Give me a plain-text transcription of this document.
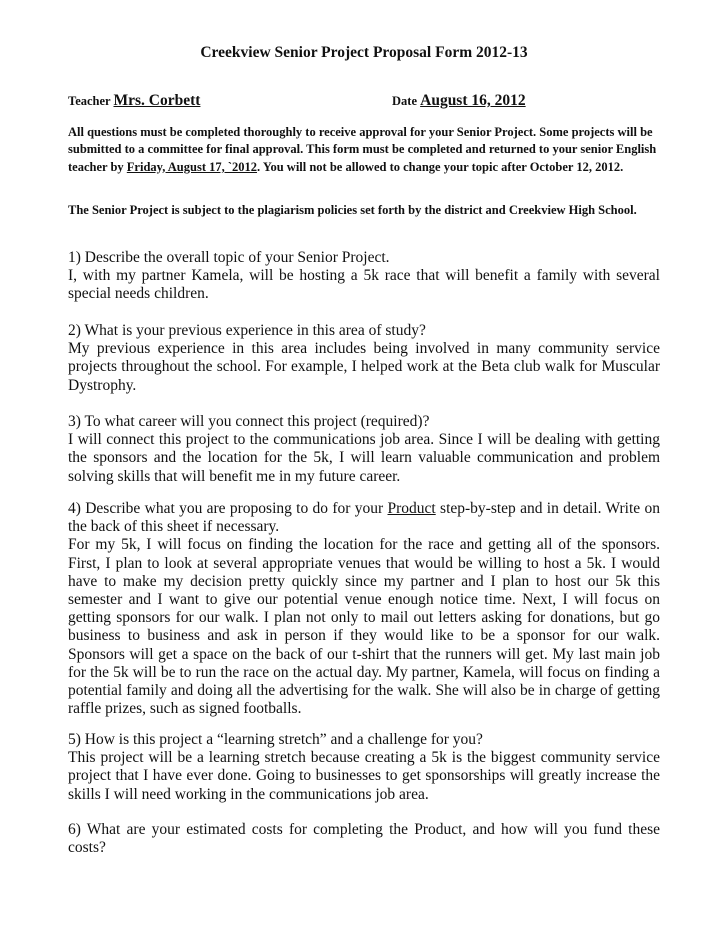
Creekview Senior Project Proposal Form 2012-13
Teacher Mrs. Corbett	Date August 16, 2012
All questions must be completed thoroughly to receive approval for your Senior Project. Some projects will be submitted to a committee for final approval. This form must be completed and returned to your senior English teacher by Friday, August 17, `2012. You will not be allowed to change your topic after October 12, 2012.
The Senior Project is subject to the plagiarism policies set forth by the district and Creekview High School.

1) Describe the overall topic of your Senior Project.

I, with my partner Kamela, will be hosting a 5k race that will benefit a family with several special needs children.

2) What is your previous experience in this area of study?

My previous experience in this area includes being involved in many community service projects throughout the school. For example, I helped work at the Beta club walk for Muscular Dystrophy.

3) To what career will you connect this project (required)?

I will connect this project to the communications job area. Since I will be dealing with getting the sponsors and the location for the 5k, I will learn valuable communication and problem solving skills that will benefit me in my future career.

4) Describe what you are proposing to do for your Product step-by-step and in detail. Write on the back of this sheet if necessary.

For my 5k, I will focus on finding the location for the race and getting all of the sponsors. First, I plan to look at several appropriate venues that would be willing to host a 5k. I would have to make my decision pretty quickly since my partner and I plan to host our 5k this semester and I want to give our potential venue enough notice time. Next, I will focus on getting sponsors for our walk. I plan not only to mail out letters asking for donations, but go business to business and ask in person if they would like to be a sponsor for our walk. Sponsors will get a space on the back of our t-shirt that the runners will get. My last main job for the 5k will be to run the race on the actual day. My partner, Kamela, will focus on finding a potential family and doing all the advertising for the walk. She will also be in charge of getting raffle prizes, such as signed footballs.

5) How is this project a “learning stretch” and a challenge for you?

This project will be a learning stretch because creating a 5k is the biggest community service project that I have ever done. Going to businesses to get sponsorships will greatly increase the skills I will need working in the communications job area.

6) What are your estimated costs for completing the Product, and how will you fund these costs?
